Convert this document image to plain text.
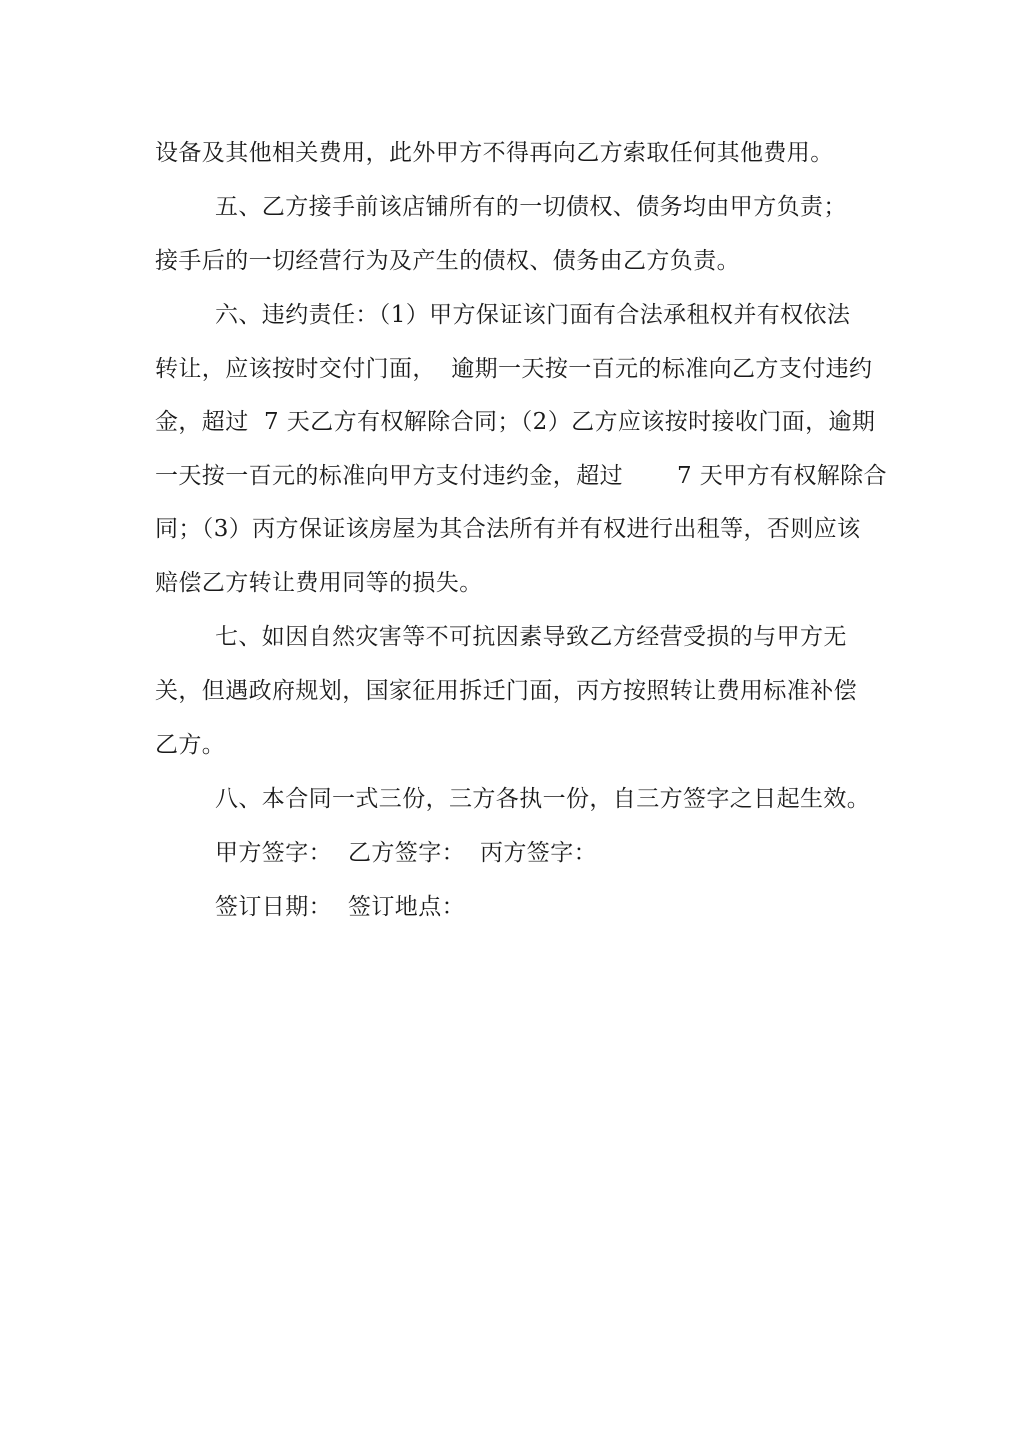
设备及其他相关费用，此外甲方不得再向乙方索取任何其他费用。
五、乙方接手前该店铺所有的一切债权、债务均由甲方负责；
接手后的一切经营行为及产生的债权、债务由乙方负责。
六、违约责任：（1）甲方保证该门面有合法承租权并有权依法
转让，应该按时交付门面，  逾期一天按一百元的标准向乙方支付违约
金，超过  7 天乙方有权解除合同；（2）乙方应该按时接收门面，逾期
一天按一百元的标准向甲方支付违约金，超过       7 天甲方有权解除合
同；（3）丙方保证该房屋为其合法所有并有权进行出租等，否则应该
赔偿乙方转让费用同等的损失。
七、如因自然灾害等不可抗因素导致乙方经营受损的与甲方无
关，但遇政府规划，国家征用拆迁门面，丙方按照转让费用标准补偿
乙方。
八、本合同一式三份，三方各执一份，自三方签字之日起生效。
甲方签字： 乙方签字： 丙方签字：
签订日期： 签订地点：
